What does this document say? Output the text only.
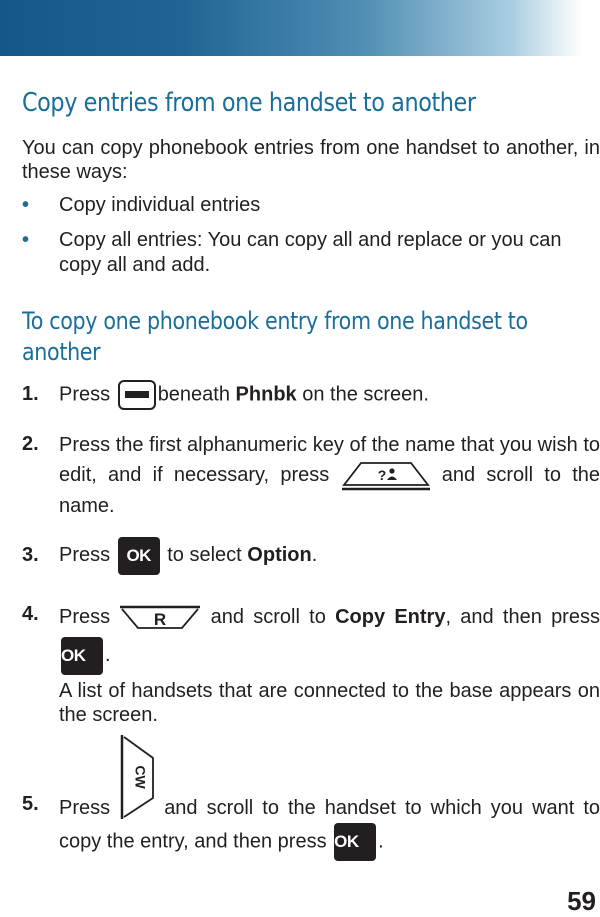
Copy entries from one handset to another

You can copy phonebook entries from one handset to another, in these ways:

• Copy individual entries
• Copy all entries: You can copy all and replace or you can copy all and add.
To copy one phonebook entry from one handset to another
1. Press beneath Phnbk on the screen.
2. Press the first alphanumeric key of the name that you wish to edit, and if necessary, press	?	and scroll to the name.
3. Press OK to select Option.
4. Press	R and scroll to Copy Entry, and then press OK .

A list of handsets that are connected to the base appears on the screen.

5. Press
CW
and scroll to the handset to which you want to copy the entry, and then press OK .
59
